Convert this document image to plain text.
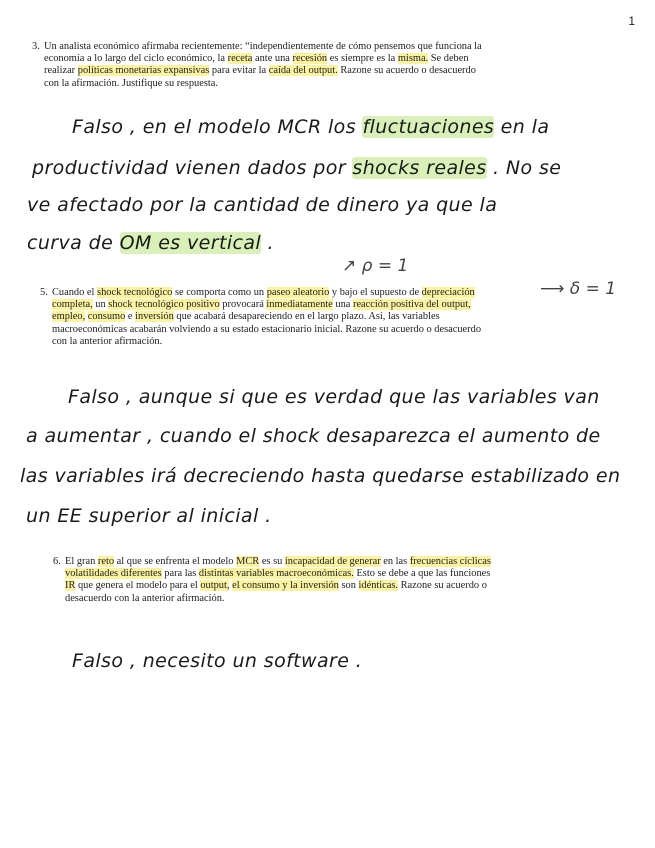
1
3. Un analista económico afirmaba recientemente: “independientemente de cómo pensemos que funciona la
economía a lo largo del ciclo económico, la receta ante una recesión es siempre es la misma. Se deben
realizar políticas monetarias expansivas para evitar la caída del output. Razone su acuerdo o desacuerdo
con la afirmación. Justifique su respuesta.
Falso , en el modelo MCR los fluctuaciones en la
productividad vienen dados por shocks reales . No se
ve afectado por la cantidad de dinero ya que la
curva de OM es vertical .
↗ ρ = 1
⟶ δ = 1
5. Cuando el shock tecnológico se comporta como un paseo aleatorio y bajo el supuesto de depreciación
completa, un shock tecnológico positivo provocará inmediatamente una reacción positiva del output,
empleo, consumo e inversión que acabará desapareciendo en el largo plazo. Así, las variables
macroeconómicas acabarán volviendo a su estado estacionario inicial. Razone su acuerdo o desacuerdo
con la anterior afirmación.
Falso , aunque si que es verdad que las variables van
a aumentar , cuando el shock desaparezca el aumento de
las variables irá decreciendo hasta quedarse estabilizado en
un EE superior al inicial .
6. El gran reto al que se enfrenta el modelo MCR es su incapacidad de generar en las frecuencias cíclicas
volatilidades diferentes para las distintas variables macroeconómicas. Esto se debe a que las funciones
IR que genera el modelo para el output, el consumo y la inversión son idénticas. Razone su acuerdo o
desacuerdo con la anterior afirmación.
Falso , necesito un software .
